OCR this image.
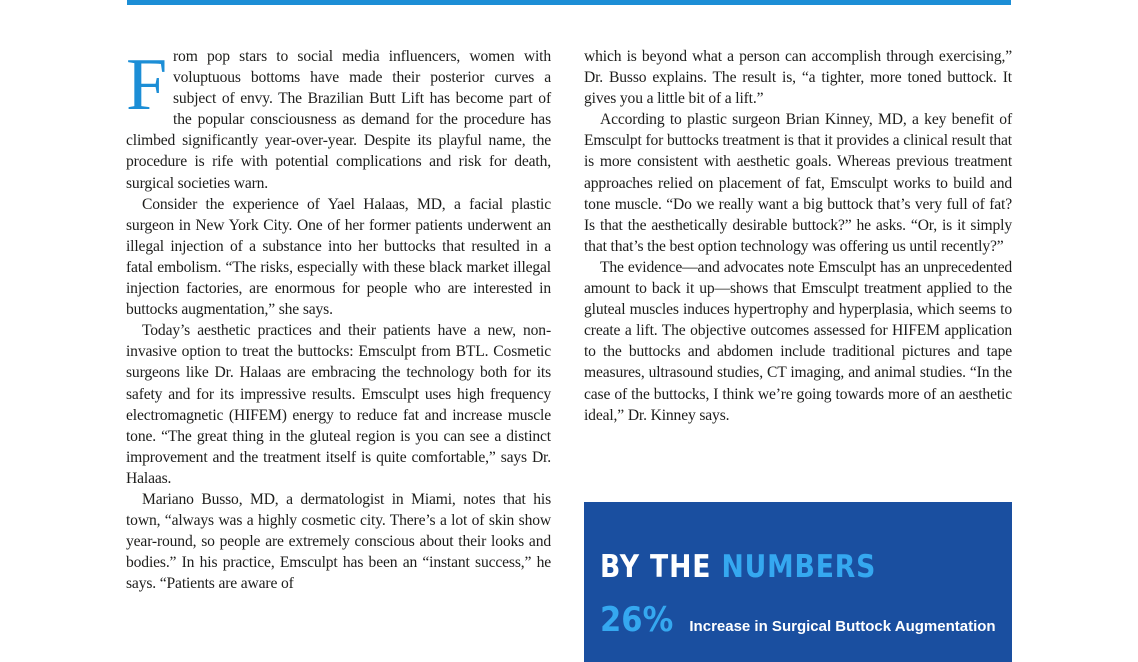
From pop stars to social media influencers, women with voluptuous bottoms have made their posterior curves a subject of envy. The Brazilian Butt Lift has become part of the popular consciousness as demand for the procedure has climbed significantly year-over-year. Despite its playful name, the procedure is rife with potential complications and risk for death, surgical societies warn.

Consider the experience of Yael Halaas, MD, a facial plastic surgeon in New York City. One of her former patients underwent an illegal injection of a substance into her buttocks that resulted in a fatal embolism. “The risks, especially with these black market illegal injection factories, are enormous for people who are interested in buttocks augmentation,” she says.

Today’s aesthetic practices and their patients have a new, non-invasive option to treat the buttocks: Emsculpt from BTL. Cosmetic surgeons like Dr. Halaas are embracing the technology both for its safety and for its impressive results. Emsculpt uses high frequency electromagnetic (HIFEM) energy to reduce fat and increase muscle tone. “The great thing in the gluteal region is you can see a distinct improvement and the treatment itself is quite comfortable,” says Dr. Halaas.

Mariano Busso, MD, a dermatologist in Miami, notes that his town, “always was a highly cosmetic city. There’s a lot of skin show year-round, so people are extremely conscious about their looks and bodies.” In his practice, Emsculpt has been an “instant success,” he says. “Patients are aware of

which is beyond what a person can accomplish through exercising,” Dr. Busso explains. The result is, “a tighter, more toned buttock. It gives you a little bit of a lift.”

According to plastic surgeon Brian Kinney, MD, a key benefit of Emsculpt for buttocks treatment is that it provides a clinical result that is more consistent with aesthetic goals. Whereas previous treatment approaches relied on placement of fat, Emsculpt works to build and tone muscle. “Do we really want a big buttock that’s very full of fat? Is that the aesthetically desirable buttock?” he asks. “Or, is it simply that that’s the best option technology was offering us until recently?”

The evidence—and advocates note Emsculpt has an unprecedented amount to back it up—shows that Emsculpt treatment applied to the gluteal muscles induces hypertrophy and hyperplasia, which seems to create a lift. The objective outcomes assessed for HIFEM application to the buttocks and abdomen include traditional pictures and tape measures, ultrasound studies, CT imaging, and animal studies. “In the case of the buttocks, I think we’re going towards more of an aesthetic ideal,” Dr. Kinney says.

BY THE NUMBERS
26% Increase in Surgical Buttock Augmentation
